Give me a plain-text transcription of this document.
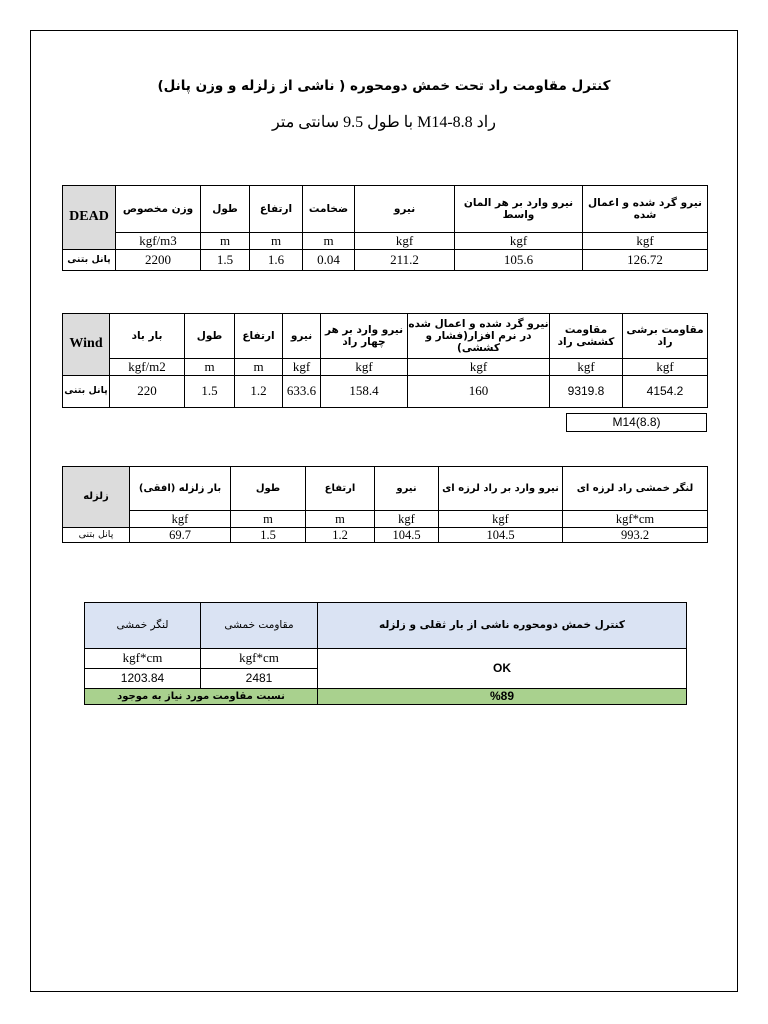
کنترل مقاومت راد تحت خمش دومحوره ( ناشی از زلزله و وزن پانل)
راد M14-8.8 با طول 9.5 سانتی متر
DEAD	وزن مخصوص	طول	ارتفاع	ضخامت	نیرو	نیرو وارد بر هر المان واسط	نیرو گرد شده و اعمال شده
	kgf/m3	m	m	m	kgf	kgf	kgf
پانل بتنی	2200	1.5	1.6	0.04	211.2	105.6	126.72
Wind	بار باد	طول	ارتفاع	نیرو	نیرو وارد بر هر چهار راد	نیرو گرد شده و اعمال شده در نرم افزار(فشار و کششی)	مقاومت کششی راد	مقاومت برشی راد
	kgf/m2	m	m	kgf	kgf	kgf	kgf	kgf
پانل بتنی	220	1.5	1.2	633.6	158.4	160	9319.8	4154.2
M14(8.8)
زلزله	بار زلزله (افقی)	طول	ارتفاع	نیرو	نیرو وارد بر راد لرزه ای	لنگر خمشی راد لرزه ای
	kgf	m	m	kgf	kgf	kgf*cm
پانل بتنی	69.7	1.5	1.2	104.5	104.5	993.2
لنگر خمشی	مقاومت خمشی	کنترل خمش دومحوره ناشی از بار ثقلی و زلزله
kgf*cm	kgf*cm	OK
1203.84	2481	
نسبت مقاومت مورد نیاز به موجود		%89
